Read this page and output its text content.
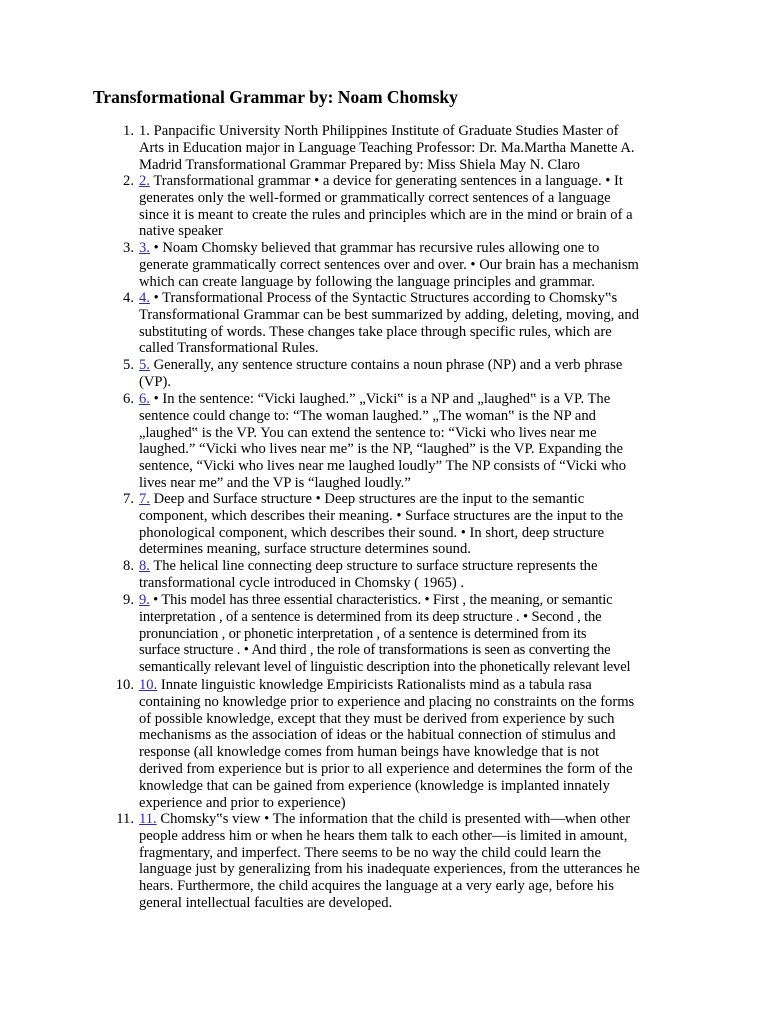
Transformational Grammar by: Noam Chomsky
1. 1. Panpacific University North Philippines Institute of Graduate Studies Master of
Arts in Education major in Language Teaching Professor: Dr. Ma.Martha Manette A.
Madrid Transformational Grammar Prepared by: Miss Shiela May N. Claro
2. 2. Transformational grammar • a device for generating sentences in a language. • It
generates only the well-formed or grammatically correct sentences of a language
since it is meant to create the rules and principles which are in the mind or brain of a
native speaker
3. 3. • Noam Chomsky believed that grammar has recursive rules allowing one to
generate grammatically correct sentences over and over. • Our brain has a mechanism
which can create language by following the language principles and grammar.
4. 4. • Transformational Process of the Syntactic Structures according to Chomsky‟s
Transformational Grammar can be best summarized by adding, deleting, moving, and
substituting of words. These changes take place through specific rules, which are
called Transformational Rules.
5. 5. Generally, any sentence structure contains a noun phrase (NP) and a verb phrase
(VP).
6. 6. • In the sentence: “Vicki laughed.” „Vicki‟ is a NP and „laughed‟ is a VP. The
sentence could change to: “The woman laughed.” „The woman‟ is the NP and
„laughed‟ is the VP. You can extend the sentence to: “Vicki who lives near me
laughed.” “Vicki who lives near me” is the NP, “laughed” is the VP. Expanding the
sentence, “Vicki who lives near me laughed loudly” The NP consists of “Vicki who
lives near me” and the VP is “laughed loudly.”
7. 7. Deep and Surface structure • Deep structures are the input to the semantic
component, which describes their meaning. • Surface structures are the input to the
phonological component, which describes their sound. • In short, deep structure
determines meaning, surface structure determines sound.
8. 8. The helical line connecting deep structure to surface structure represents the
transformational cycle introduced in Chomsky ( 1965) .
9. 9. • This model has three essential characteristics. • First , the meaning, or semantic
interpretation , of a sentence is determined from its deep structure . • Second , the
pronunciation , or phonetic interpretation , of a sentence is determined from its
surface structure . • And third , the role of transformations is seen as converting the
semantically relevant level of linguistic description into the phonetically relevant level
10. 10. Innate linguistic knowledge Empiricists Rationalists mind as a tabula rasa
containing no knowledge prior to experience and placing no constraints on the forms
of possible knowledge, except that they must be derived from experience by such
mechanisms as the association of ideas or the habitual connection of stimulus and
response (all knowledge comes from human beings have knowledge that is not
derived from experience but is prior to all experience and determines the form of the
knowledge that can be gained from experience (knowledge is implanted innately
experience and prior to experience)
11. 11. Chomsky‟s view • The information that the child is presented with—when other
people address him or when he hears them talk to each other—is limited in amount,
fragmentary, and imperfect. There seems to be no way the child could learn the
language just by generalizing from his inadequate experiences, from the utterances he
hears. Furthermore, the child acquires the language at a very early age, before his
general intellectual faculties are developed.
